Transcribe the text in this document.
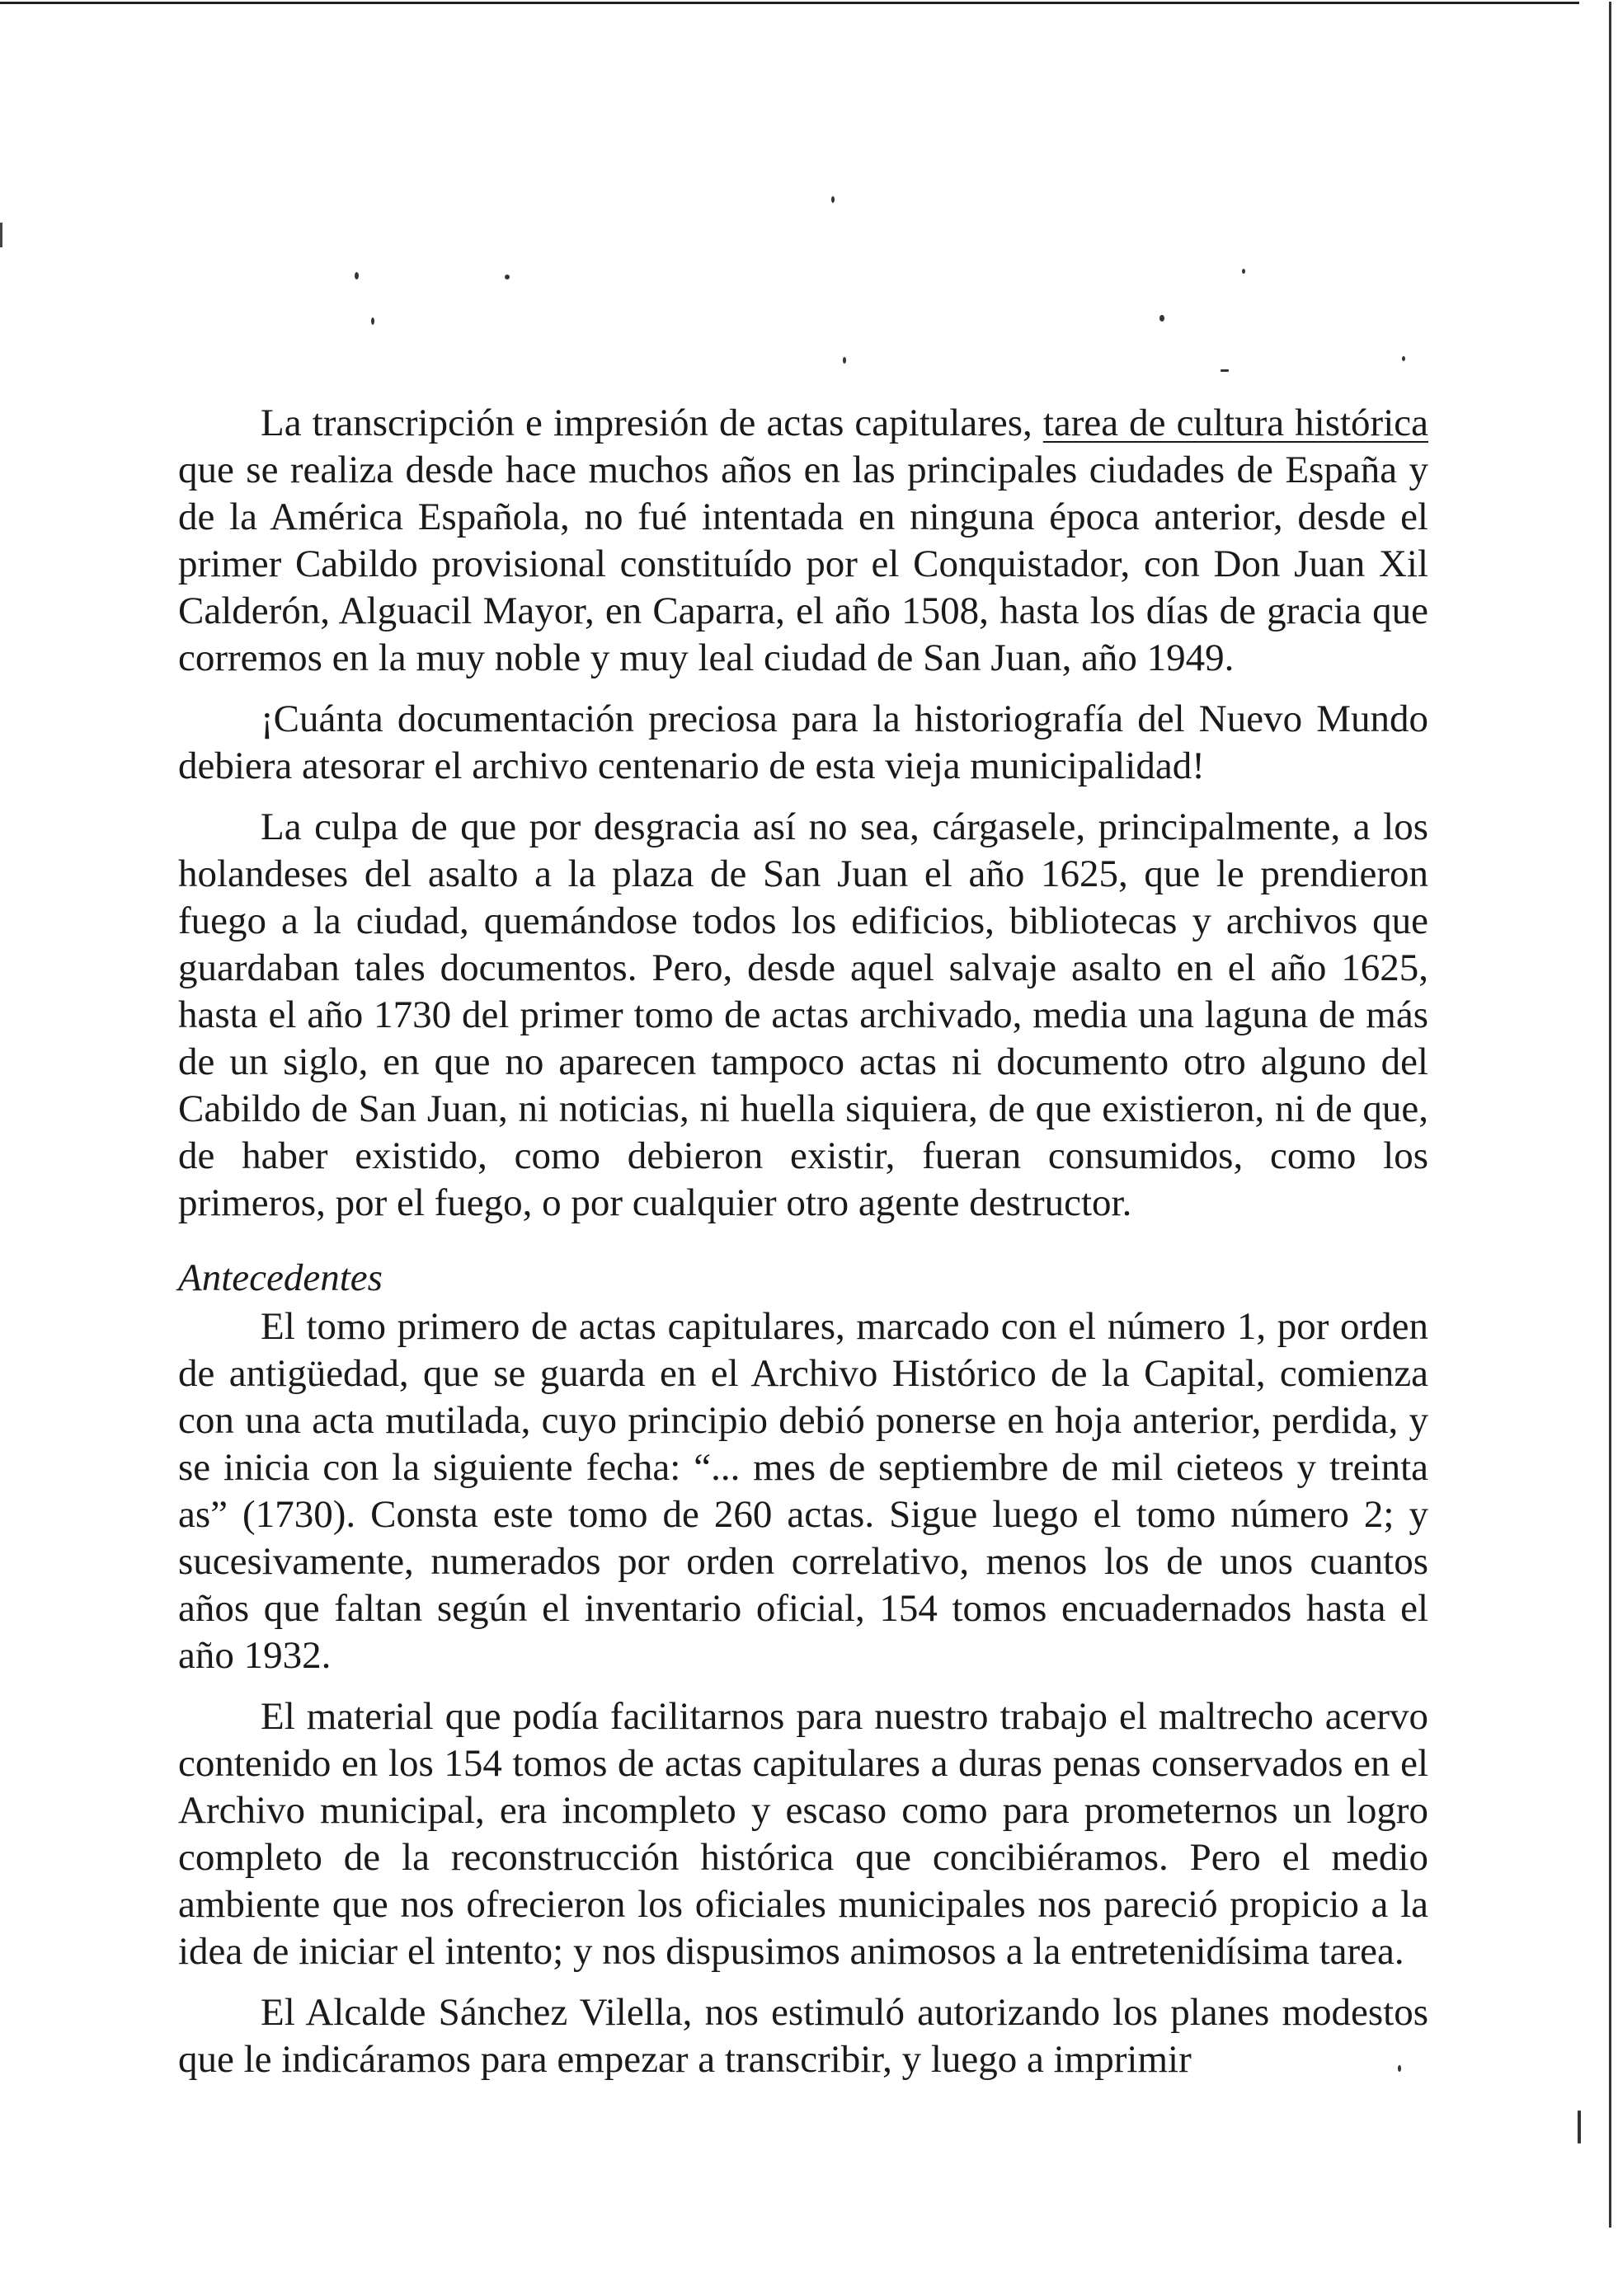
La transcripción e impresión de actas capitulares, tarea de cultura histórica que se realiza desde hace muchos años en las principales ciudades de España y de la América Española, no fué intentada en ninguna época anterior, desde el primer Cabildo provisional constituído por el Conquistador, con Don Juan Xil Calderón, Alguacil Mayor, en Caparra, el año 1508, hasta los días de gracia que corremos en la muy noble y muy leal ciudad de San Juan, año 1949.

¡Cuánta documentación preciosa para la historiografía del Nuevo Mundo debiera atesorar el archivo centenario de esta vieja municipalidad!

La culpa de que por desgracia así no sea, cárgasele, principalmente, a los holandeses del asalto a la plaza de San Juan el año 1625, que le prendieron fuego a la ciudad, quemándose todos los edificios, bibliotecas y archivos que guardaban tales documentos. Pero, desde aquel salvaje asalto en el año 1625, hasta el año 1730 del primer tomo de actas archivado, media una laguna de más de un siglo, en que no aparecen tampoco actas ni documento otro alguno del Cabildo de San Juan, ni noticias, ni huella siquiera, de que existieron, ni de que, de haber existido, como debieron existir, fueran consumidos, como los primeros, por el fuego, o por cualquier otro agente destructor.

Antecedentes

El tomo primero de actas capitulares, marcado con el número 1, por orden de antigüedad, que se guarda en el Archivo Histórico de la Capital, comienza con una acta mutilada, cuyo principio debió ponerse en hoja anterior, perdida, y se inicia con la siguiente fecha: “... mes de septiembre de mil cieteos y treinta as” (1730). Consta este tomo de 260 actas. Sigue luego el tomo número 2; y sucesivamente, numerados por orden correlativo, menos los de unos cuantos años que faltan según el inventario oficial, 154 tomos encuadernados hasta el año 1932.

El material que podía facilitarnos para nuestro trabajo el maltrecho acervo contenido en los 154 tomos de actas capitulares a duras penas conservados en el Archivo municipal, era incompleto y escaso como para prometernos un logro completo de la reconstrucción histórica que concibiéramos. Pero el medio ambiente que nos ofrecieron los oficiales municipales nos pareció propicio a la idea de iniciar el intento; y nos dispusimos animosos a la entretenidísima tarea.

El Alcalde Sánchez Vilella, nos estimuló autorizando los planes modestos que le indicáramos para empezar a transcribir, y luego a imprimir
